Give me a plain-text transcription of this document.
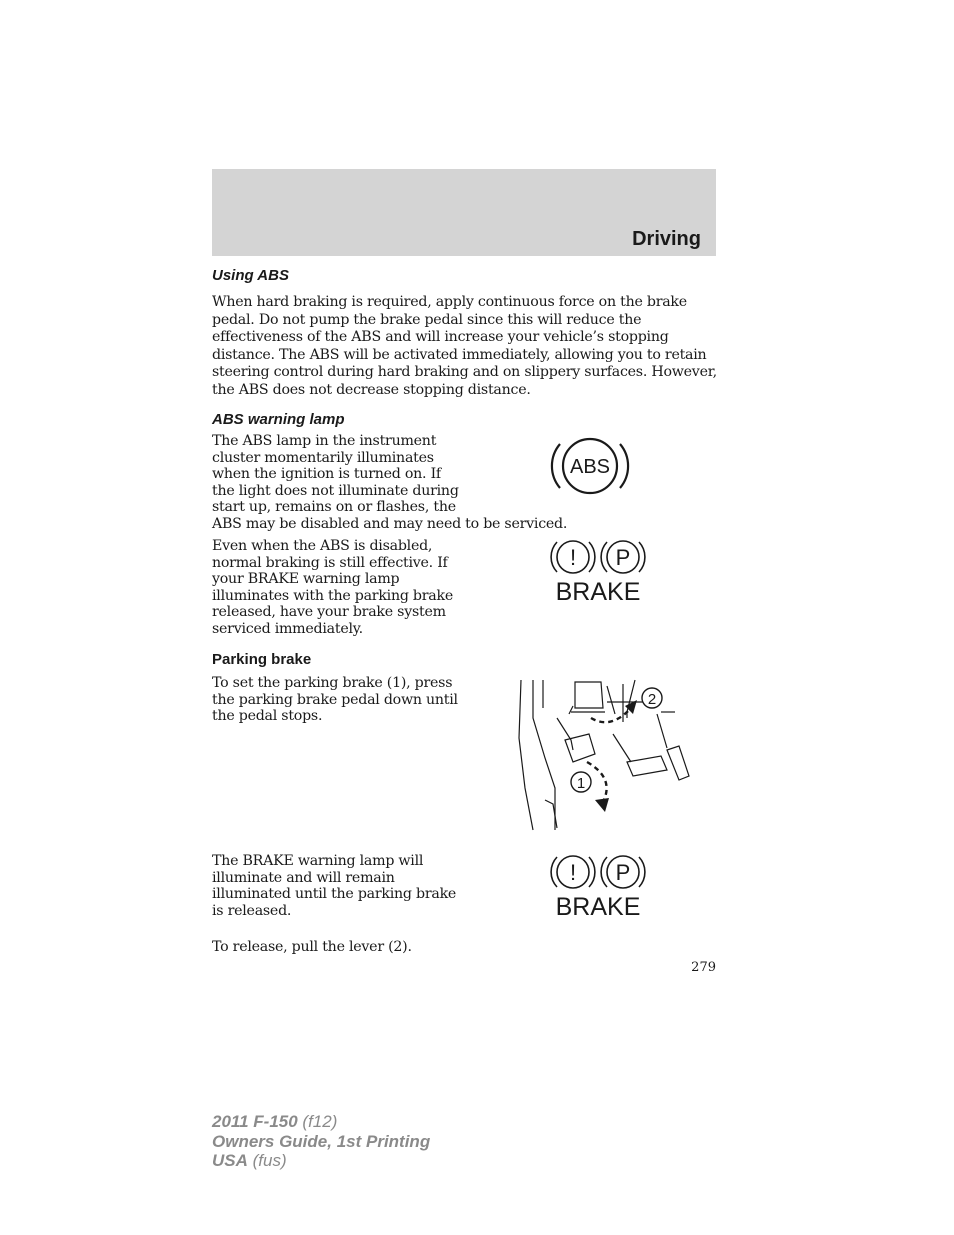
Driving
Using ABS

When hard braking is required, apply continuous force on the brake
pedal. Do not pump the brake pedal since this will reduce the
effectiveness of the ABS and will increase your vehicle’s stopping
distance. The ABS will be activated immediately, allowing you to retain
steering control during hard braking and on slippery surfaces. However,
the ABS does not decrease stopping distance.

ABS warning lamp

The ABS lamp in the instrument
cluster momentarily illuminates
when the ignition is turned on. If
the light does not illuminate during
start up, remains on or flashes, the
ABS may be disabled and may need to be serviced.

ABS

Even when the ABS is disabled,
normal braking is still effective. If
your BRAKE warning lamp
illuminates with the parking brake
released, have your brake system
serviced immediately.

! P
BRAKE
Parking brake

To set the parking brake (1), press
the parking brake pedal down until
the pedal stops.

2
1

The BRAKE warning lamp will
illuminate and will remain
illuminated until the parking brake
is released.

! P
BRAKE

To release, pull the lever (2).

279
2011 F-150 (f12)
Owners Guide, 1st Printing
USA (fus)
